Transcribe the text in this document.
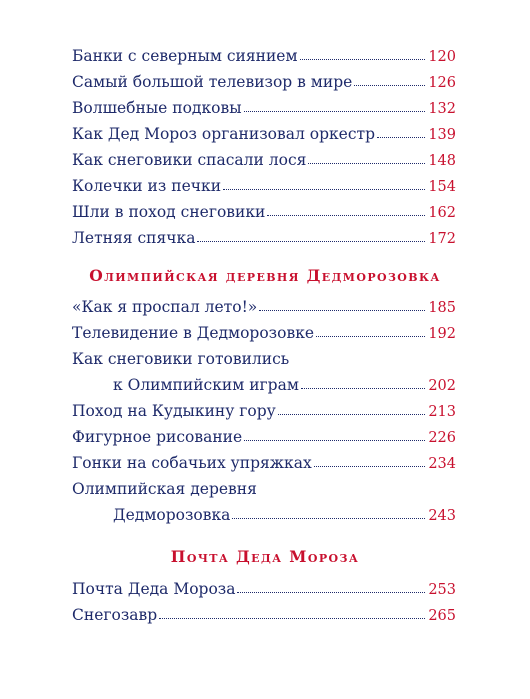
Банки с северным сиянием	120
Самый большой телевизор в мире	126
Волшебные подковы	132
Как Дед Мороз организовал оркестр	139
Как снеговики спасали лося	148
Колечки из печки	154
Шли в поход снеговики	162
Летняя спячка	172
Олимпийская деревня Дедморозовка
«Как я проспал лето!»	185
Телевидение в Дедморозовке	192
Как снеговики готовились
к Олимпийским играм	202
Поход на Кудыкину гору	213
Фигурное рисование	226
Гонки на собачьих упряжках	234
Олимпийская деревня
Дедморозовка	243
Почта Деда Мороза
Почта Деда Мороза	253
Снегозавр	265
